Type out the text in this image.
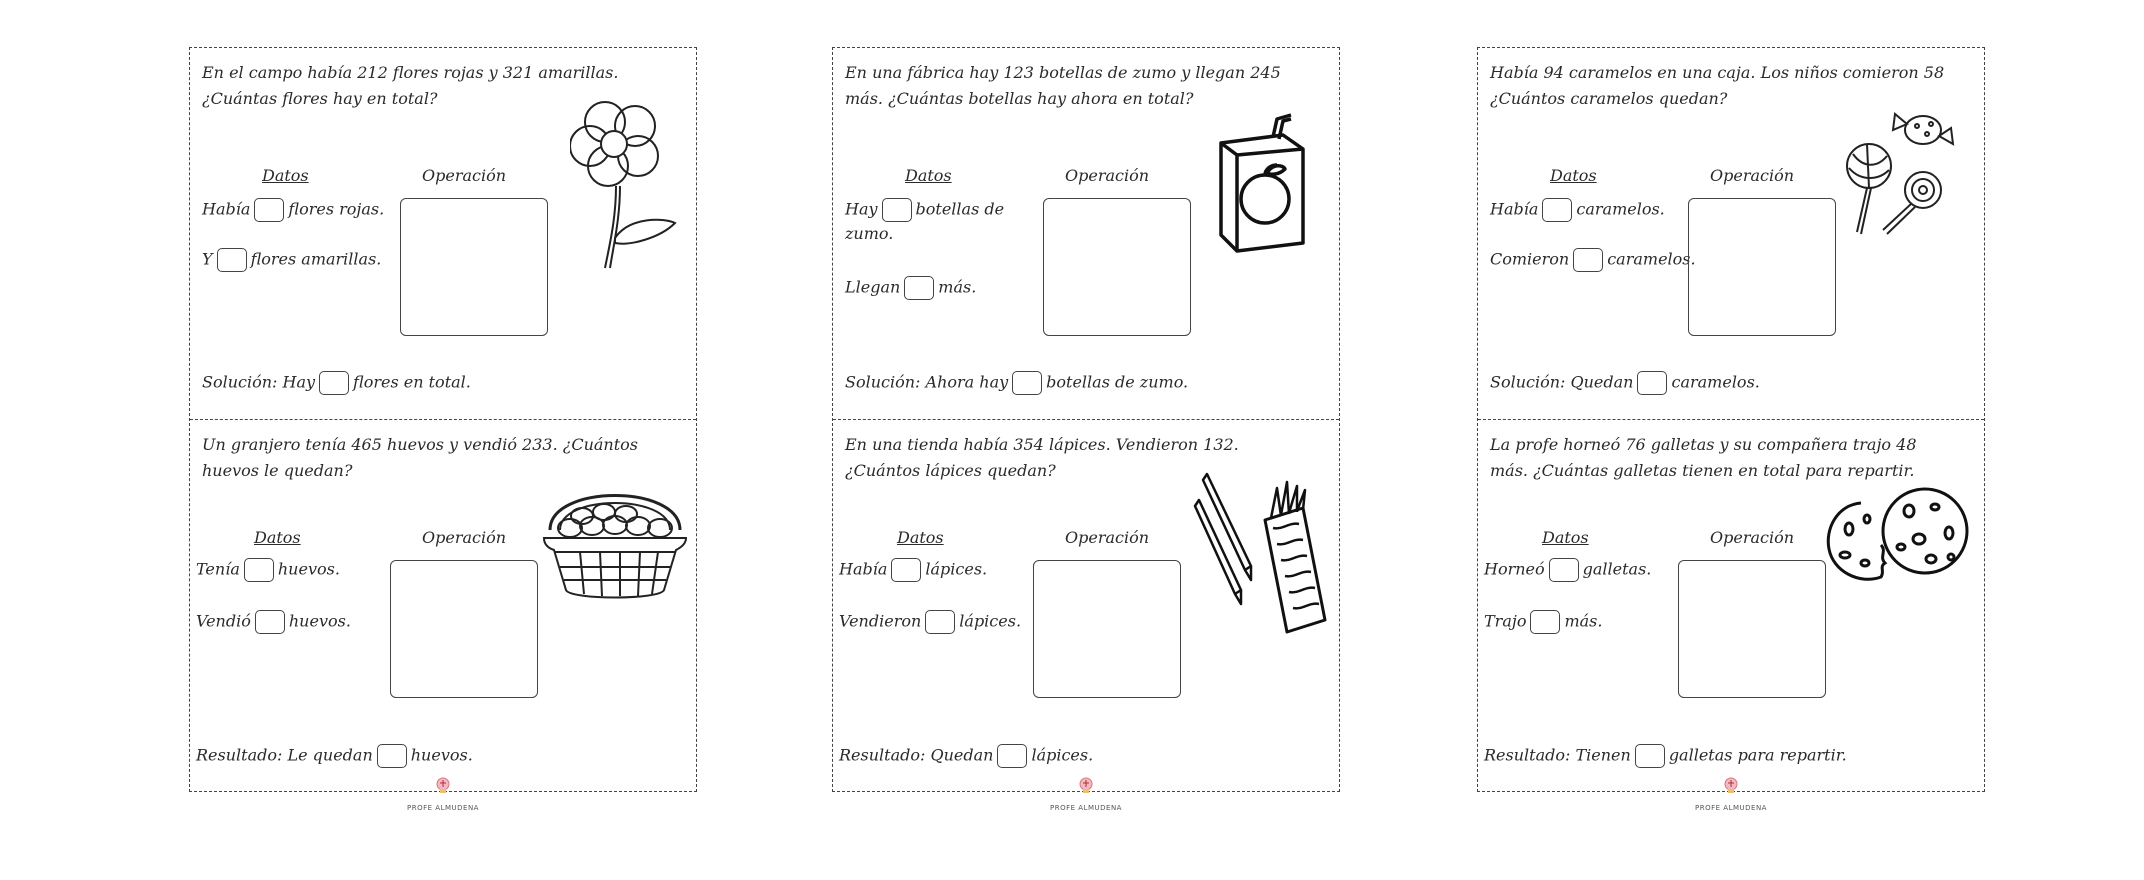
En el campo había 212 flores rojas y 321 amarillas. ¿Cuántas flores hay en total?
Datos	Operación
Había flores rojas.
Y flores amarillas.
Solución: Hay flores en total.
Un granjero tenía 465 huevos y vendió 233. ¿Cuántos huevos le quedan?
Datos	Operación
Tenía huevos.
Vendió huevos.
Resultado: Le quedan huevos.
PROFE ALMUDENA
En una fábrica hay 123 botellas de zumo y llegan 245 más. ¿Cuántas botellas hay ahora en total?
Datos	Operación
Hay botellas de
zumo.
Llegan más.
Solución: Ahora hay botellas de zumo.
En una tienda había 354 lápices. Vendieron 132. ¿Cuántos lápices quedan?
Datos	Operación
Había lápices.
Vendieron lápices.
Resultado: Quedan lápices.
PROFE ALMUDENA
Había 94 caramelos en una caja. Los niños comieron 58 ¿Cuántos caramelos quedan?
Datos	Operación
Había caramelos.
Comieron caramelos.
Solución: Quedan caramelos.
La profe horneó 76 galletas y su compañera trajo 48 más. ¿Cuántas galletas tienen en total para repartir.
Datos	Operación
Horneó galletas.
Trajo más.
Resultado: Tienen galletas para repartir.
PROFE ALMUDENA
